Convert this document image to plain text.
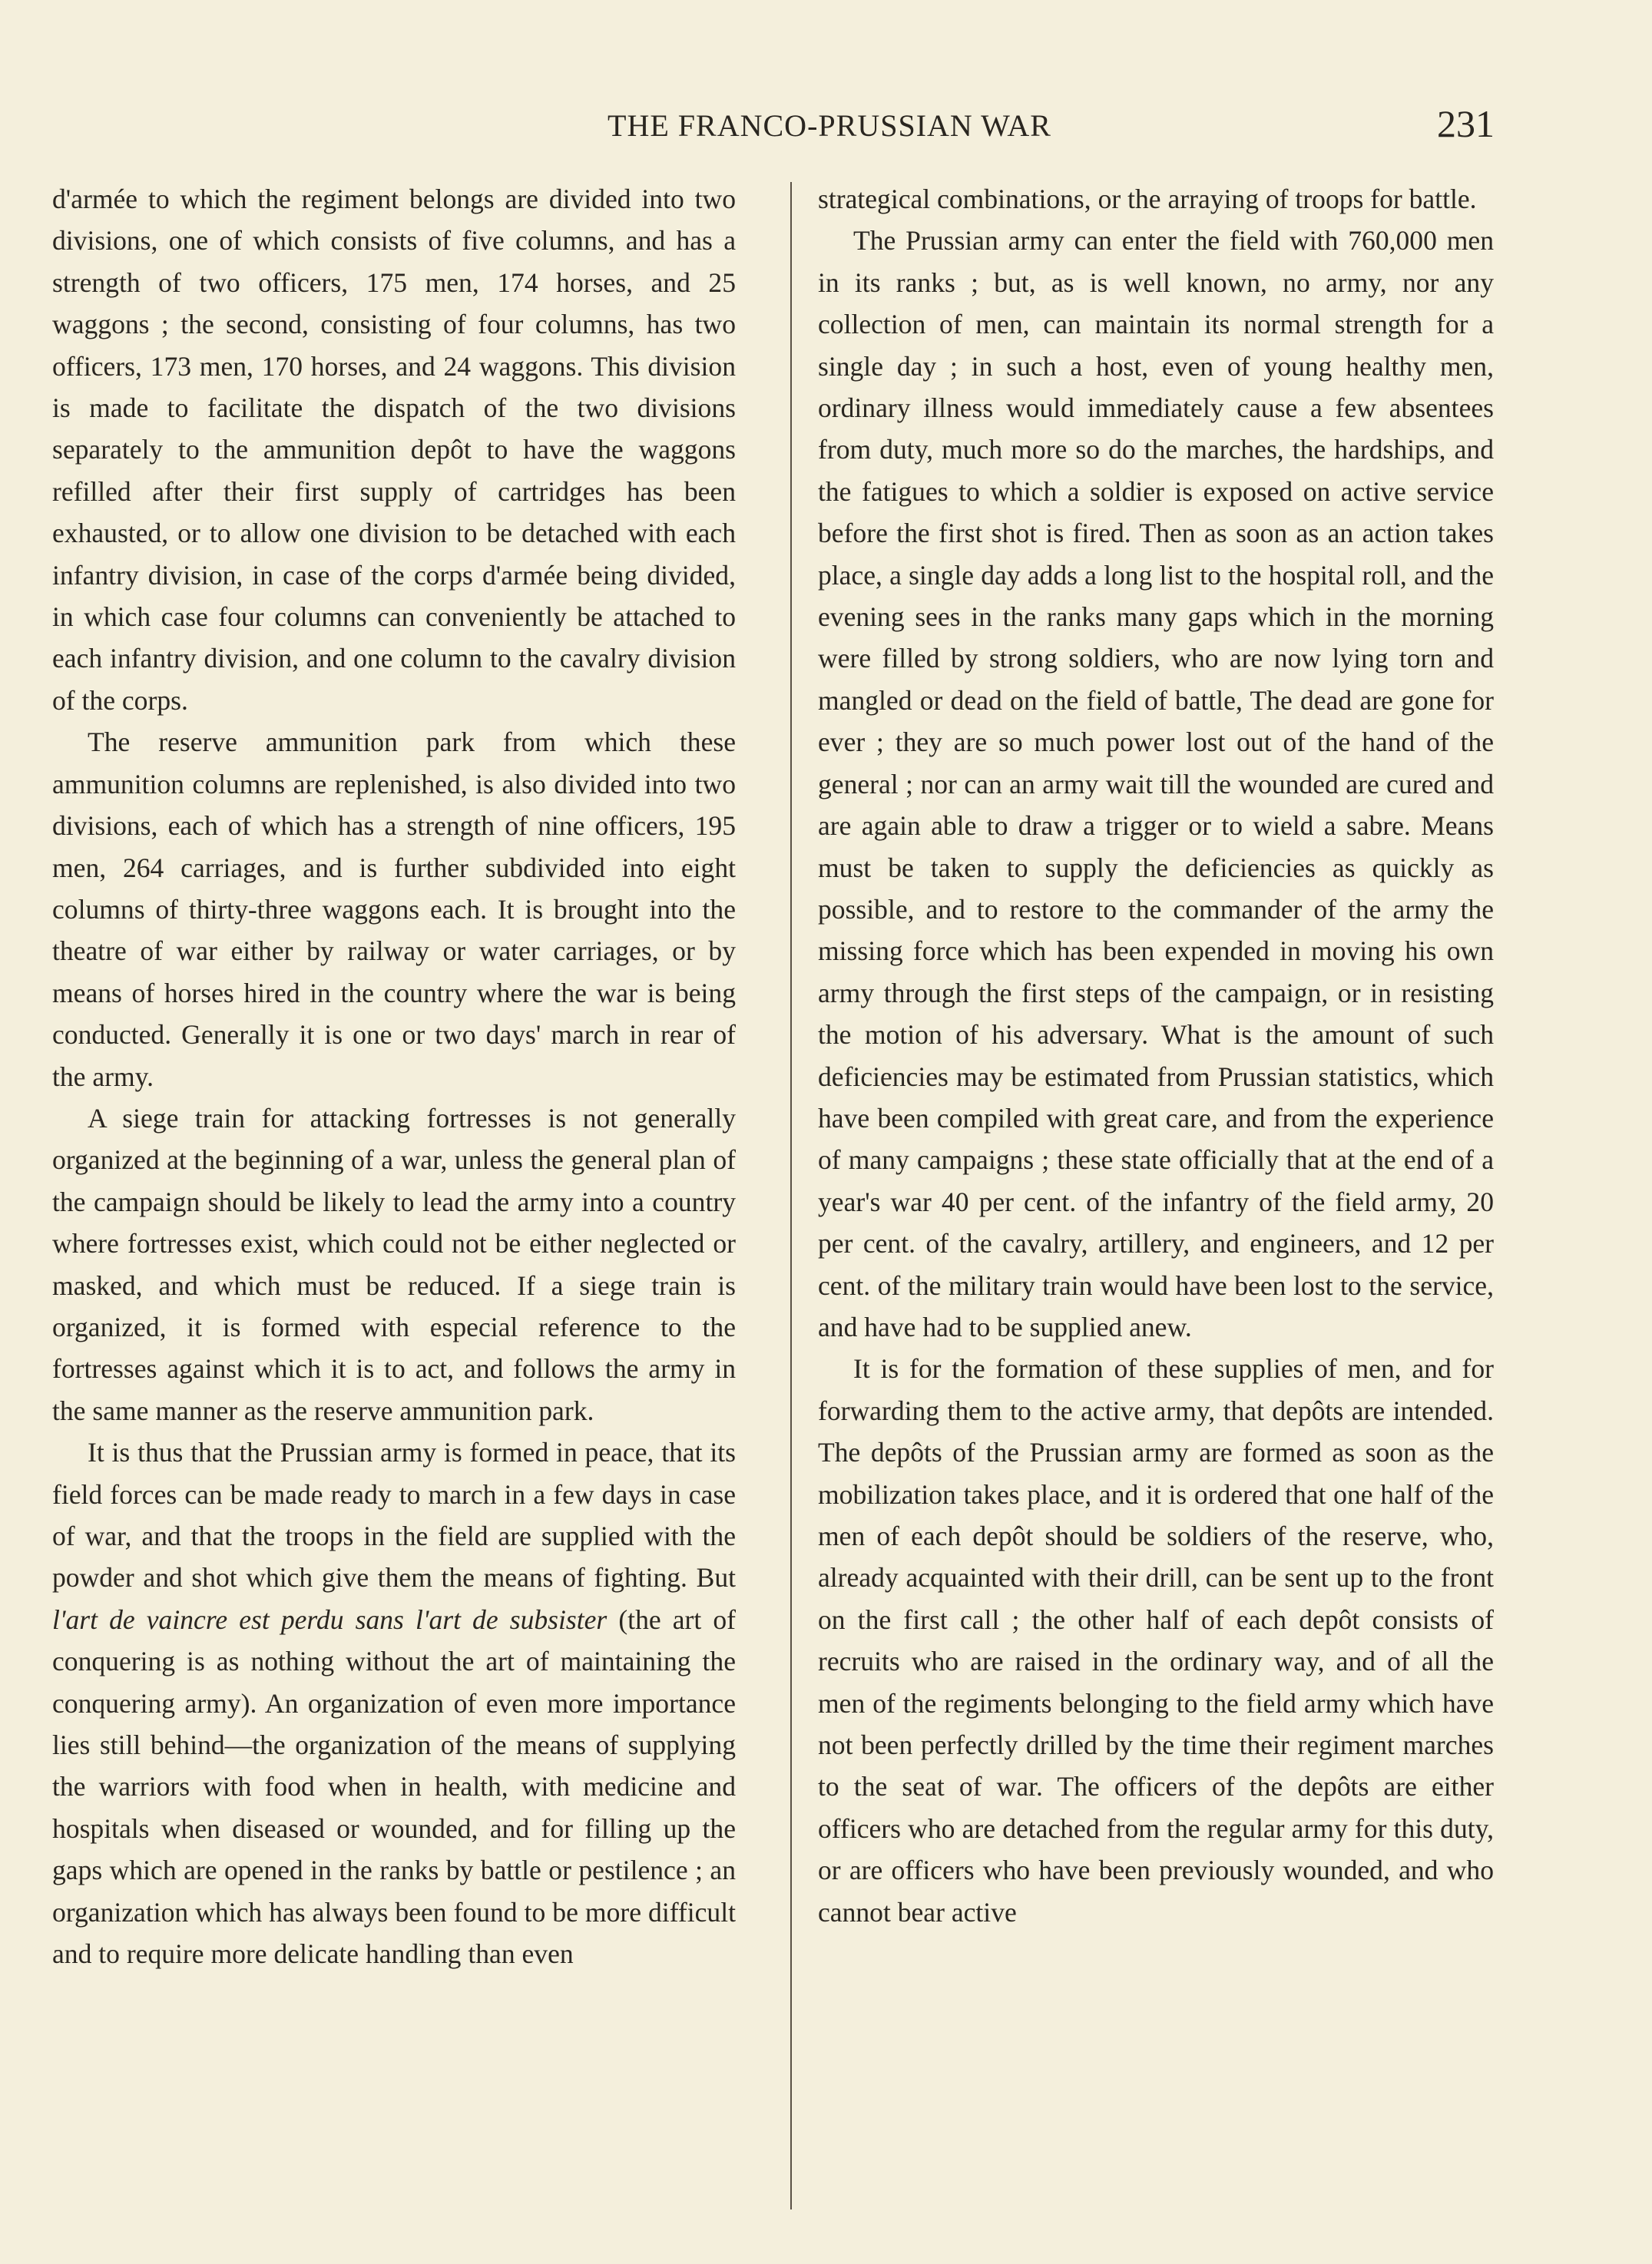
THE FRANCO-PRUSSIAN WAR	231

d'armée to which the regiment belongs are divided into two divisions, one of which consists of five columns, and has a strength of two officers, 175 men, 174 horses, and 25 waggons ; the second, consisting of four columns, has two officers, 173 men, 170 horses, and 24 waggons. This division is made to facilitate the dispatch of the two divisions separately to the ammunition depôt to have the waggons refilled after their first supply of cartridges has been exhausted, or to allow one division to be detached with each infantry division, in case of the corps d'armée being divided, in which case four columns can conveniently be attached to each infantry division, and one column to the cavalry division of the corps.

The reserve ammunition park from which these ammunition columns are replenished, is also divided into two divisions, each of which has a strength of nine officers, 195 men, 264 carriages, and is further subdivided into eight columns of thirty-three waggons each. It is brought into the theatre of war either by railway or water carriages, or by means of horses hired in the country where the war is being conducted. Generally it is one or two days' march in rear of the army.

A siege train for attacking fortresses is not generally organized at the beginning of a war, unless the general plan of the campaign should be likely to lead the army into a country where fortresses exist, which could not be either neglected or masked, and which must be reduced. If a siege train is organized, it is formed with especial reference to the fortresses against which it is to act, and follows the army in the same manner as the reserve ammunition park.

It is thus that the Prussian army is formed in peace, that its field forces can be made ready to march in a few days in case of war, and that the troops in the field are supplied with the powder and shot which give them the means of fighting. But l'art de vaincre est perdu sans l'art de subsister (the art of conquering is as nothing without the art of maintaining the conquering army). An organization of even more importance lies still behind—the organization of the means of supplying the warriors with food when in health, with medicine and hospitals when diseased or wounded, and for filling up the gaps which are opened in the ranks by battle or pestilence ; an organization which has always been found to be more difficult and to require more delicate handling than even

strategical combinations, or the arraying of troops for battle.

The Prussian army can enter the field with 760,000 men in its ranks ; but, as is well known, no army, nor any collection of men, can maintain its normal strength for a single day ; in such a host, even of young healthy men, ordinary illness would immediately cause a few absentees from duty, much more so do the marches, the hardships, and the fatigues to which a soldier is exposed on active service before the first shot is fired. Then as soon as an action takes place, a single day adds a long list to the hospital roll, and the evening sees in the ranks many gaps which in the morning were filled by strong soldiers, who are now lying torn and mangled or dead on the field of battle, The dead are gone for ever ; they are so much power lost out of the hand of the general ; nor can an army wait till the wounded are cured and are again able to draw a trigger or to wield a sabre. Means must be taken to supply the deficiencies as quickly as possible, and to restore to the commander of the army the missing force which has been expended in moving his own army through the first steps of the campaign, or in resisting the motion of his adversary. What is the amount of such deficiencies may be estimated from Prussian statistics, which have been compiled with great care, and from the experience of many campaigns ; these state officially that at the end of a year's war 40 per cent. of the infantry of the field army, 20 per cent. of the cavalry, artillery, and engineers, and 12 per cent. of the military train would have been lost to the service, and have had to be supplied anew.

It is for the formation of these supplies of men, and for forwarding them to the active army, that depôts are intended. The depôts of the Prussian army are formed as soon as the mobilization takes place, and it is ordered that one half of the men of each depôt should be soldiers of the reserve, who, already acquainted with their drill, can be sent up to the front on the first call ; the other half of each depôt consists of recruits who are raised in the ordinary way, and of all the men of the regiments belonging to the field army which have not been perfectly drilled by the time their regiment marches to the seat of war. The officers of the depôts are either officers who are detached from the regular army for this duty, or are officers who have been previously wounded, and who cannot bear active
